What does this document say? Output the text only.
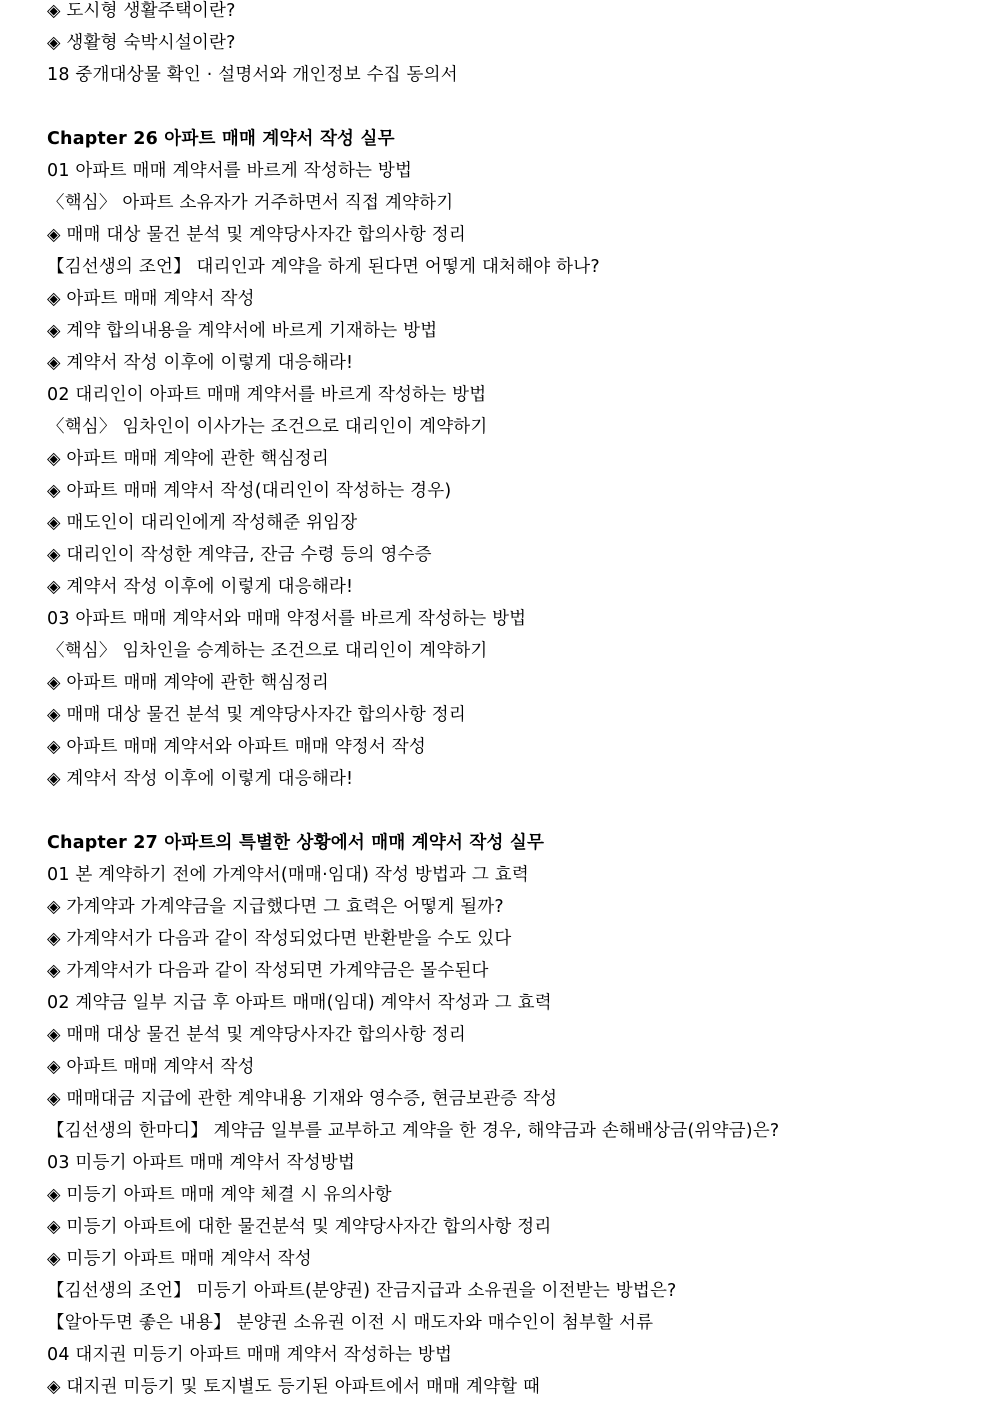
◈ 도시형 생활주택이란?
◈ 생활형 숙박시설이란?
18 중개대상물 확인 · 설명서와 개인정보 수집 동의서
Chapter 26 아파트 매매 계약서 작성 실무
01 아파트 매매 계약서를 바르게 작성하는 방법
〈핵심〉 아파트 소유자가 거주하면서 직접 계약하기
◈ 매매 대상 물건 분석 및 계약당사자간 합의사항 정리
【김선생의 조언】 대리인과 계약을 하게 된다면 어떻게 대처해야 하나?
◈ 아파트 매매 계약서 작성
◈ 계약 합의내용을 계약서에 바르게 기재하는 방법
◈ 계약서 작성 이후에 이렇게 대응해라!
02 대리인이 아파트 매매 계약서를 바르게 작성하는 방법
〈핵심〉 임차인이 이사가는 조건으로 대리인이 계약하기
◈ 아파트 매매 계약에 관한 핵심정리
◈ 아파트 매매 계약서 작성(대리인이 작성하는 경우)
◈ 매도인이 대리인에게 작성해준 위임장
◈ 대리인이 작성한 계약금, 잔금 수령 등의 영수증
◈ 계약서 작성 이후에 이렇게 대응해라!
03 아파트 매매 계약서와 매매 약정서를 바르게 작성하는 방법
〈핵심〉 임차인을 승계하는 조건으로 대리인이 계약하기
◈ 아파트 매매 계약에 관한 핵심정리
◈ 매매 대상 물건 분석 및 계약당사자간 합의사항 정리
◈ 아파트 매매 계약서와 아파트 매매 약정서 작성
◈ 계약서 작성 이후에 이렇게 대응해라!
Chapter 27 아파트의 특별한 상황에서 매매 계약서 작성 실무
01 본 계약하기 전에 가계약서(매매·임대) 작성 방법과 그 효력
◈ 가계약과 가계약금을 지급했다면 그 효력은 어떻게 될까?
◈ 가계약서가 다음과 같이 작성되었다면 반환받을 수도 있다
◈ 가계약서가 다음과 같이 작성되면 가계약금은 몰수된다
02 계약금 일부 지급 후 아파트 매매(임대) 계약서 작성과 그 효력
◈ 매매 대상 물건 분석 및 계약당사자간 합의사항 정리
◈ 아파트 매매 계약서 작성
◈ 매매대금 지급에 관한 계약내용 기재와 영수증, 현금보관증 작성
【김선생의 한마디】 계약금 일부를 교부하고 계약을 한 경우, 해약금과 손해배상금(위약금)은?
03 미등기 아파트 매매 계약서 작성방법
◈ 미등기 아파트 매매 계약 체결 시 유의사항
◈ 미등기 아파트에 대한 물건분석 및 계약당사자간 합의사항 정리
◈ 미등기 아파트 매매 계약서 작성
【김선생의 조언】 미등기 아파트(분양권) 잔금지급과 소유권을 이전받는 방법은?
【알아두면 좋은 내용】 분양권 소유권 이전 시 매도자와 매수인이 첨부할 서류
04 대지권 미등기 아파트 매매 계약서 작성하는 방법
◈ 대지권 미등기 및 토지별도 등기된 아파트에서 매매 계약할 때
